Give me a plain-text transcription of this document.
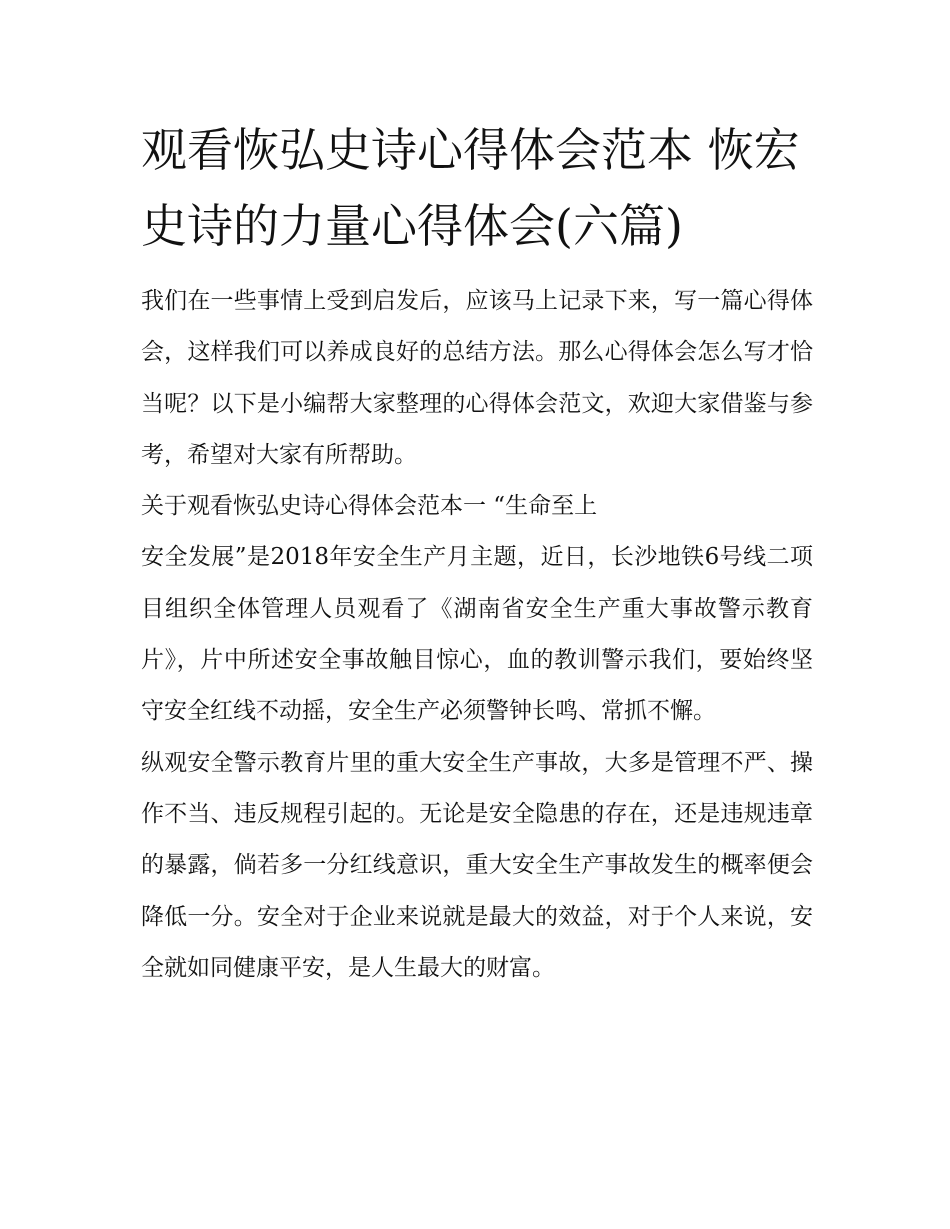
观看恢弘史诗心得体会范本 恢宏史诗的力量心得体会(六篇)

我们在一些事情上受到启发后，应该马上记录下来，写一篇心得体会，这样我们可以养成良好的总结方法。那么心得体会怎么写才恰当呢？以下是小编帮大家整理的心得体会范文，欢迎大家借鉴与参考，希望对大家有所帮助。

关于观看恢弘史诗心得体会范本一 “生命至上

安全发展”是2018年安全生产月主题，近日，长沙地铁6号线二项目组织全体管理人员观看了《湖南省安全生产重大事故警示教育片》，片中所述安全事故触目惊心，血的教训警示我们，要始终坚守安全红线不动摇，安全生产必须警钟长鸣、常抓不懈。

纵观安全警示教育片里的重大安全生产事故，大多是管理不严、操作不当、违反规程引起的。无论是安全隐患的存在，还是违规违章的暴露，倘若多一分红线意识，重大安全生产事故发生的概率便会降低一分。安全对于企业来说就是最大的效益，对于个人来说，安全就如同健康平安，是人生最大的财富。
